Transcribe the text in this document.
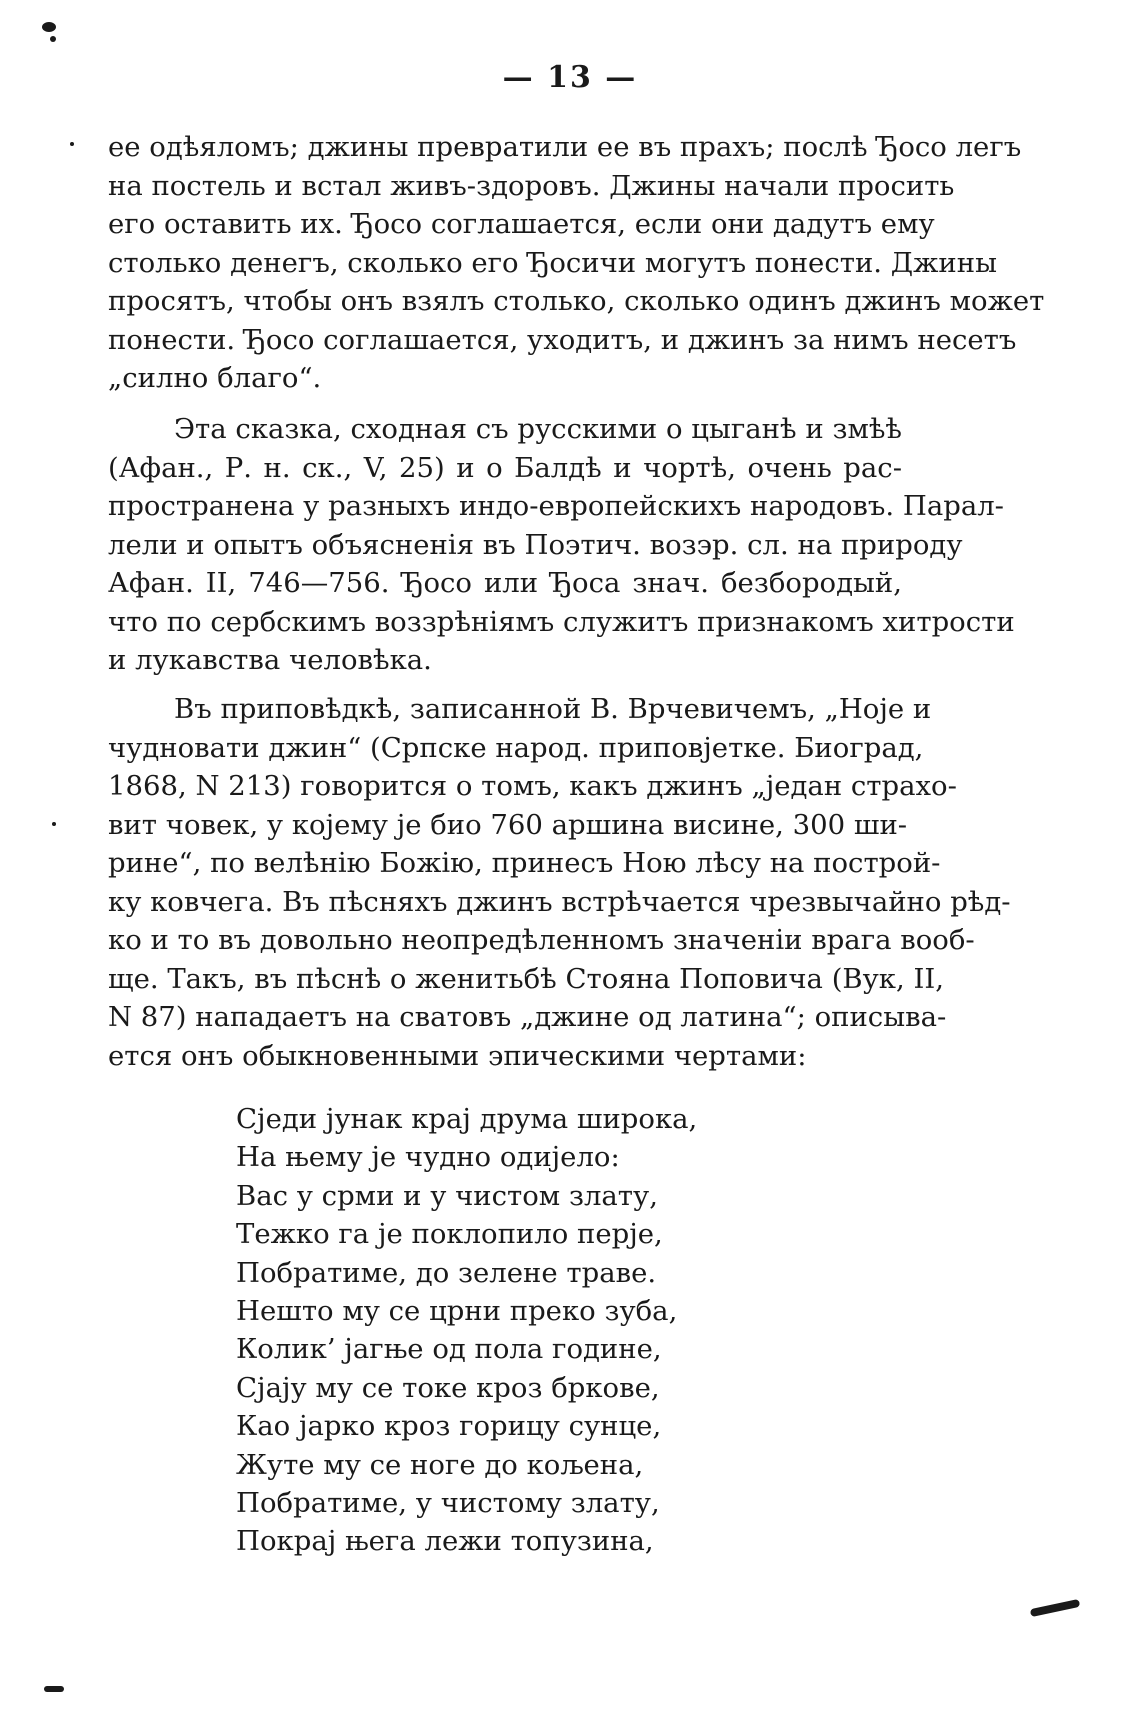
— 13 —
ее одѣяломъ; джины превратили ее въ прахъ; послѣ Ђосо легъ
на постель и встал живъ-здоровъ. Джины начали просить
его оставить их. Ђосо соглашается, если они дадутъ ему
столько денегъ, сколько его Ђосичи могутъ понести. Джины
просятъ, чтобы онъ взялъ столько, сколько одинъ джинъ может
понести. Ђосо соглашается, уходитъ, и джинъ за нимъ несетъ
„силно благо“.
Эта сказка, сходная съ русскими о цыганѣ и змѣѣ
(Афан., Р. н. ск., V, 25) и о Балдѣ и чортѣ, очень рас-
пространена у разныхъ индо-европейскихъ народовъ. Парал-
лели и опытъ объясненія въ Поэтич. возэр. сл. на природу
Афан. II, 746—756. Ђосо или Ђоса знач. безбородый,
что по сербскимъ воззрѣніямъ служитъ признакомъ хитрости
и лукавства человѣка.
Въ приповѣдкѣ, записанной В. Врчевичемъ, „Ноје и
чудновати джин“ (Српске народ. приповјетке. Биоград,
1868, N 213) говорится о томъ, какъ джинъ „један страхо-
вит човек, у којему је био 760 аршина висине, 300 ши-
рине“, по велѣнію Божію, принесъ Ною лѣсу на построй-
ку ковчега. Въ пѣсняхъ джинъ встрѣчается чрезвычайно рѣд-
ко и то въ довольно неопредѣленномъ значеніи врага вооб-
ще. Такъ, въ пѣснѣ о женитьбѣ Стояна Поповича (Вук, II,
N 87) нападаетъ на сватовъ „джине од латина“; описыва-
ется онъ обыкновенными эпическими чертами:
Сједи јунак крај друма широка,
На њему је чудно одијело:
Вас у срми и у чистом злату,
Тежко га је поклопило перје,
Побратиме, до зелене траве.
Нешто му се црни преко зуба,
Колик’ јагње од пола године,
Сјају му се токе кроз бркове,
Као јарко кроз горицу сунце,
Жуте му се ноге до кољена,
Побратиме, у чистому злату,
Покрај њега лежи топузина,
